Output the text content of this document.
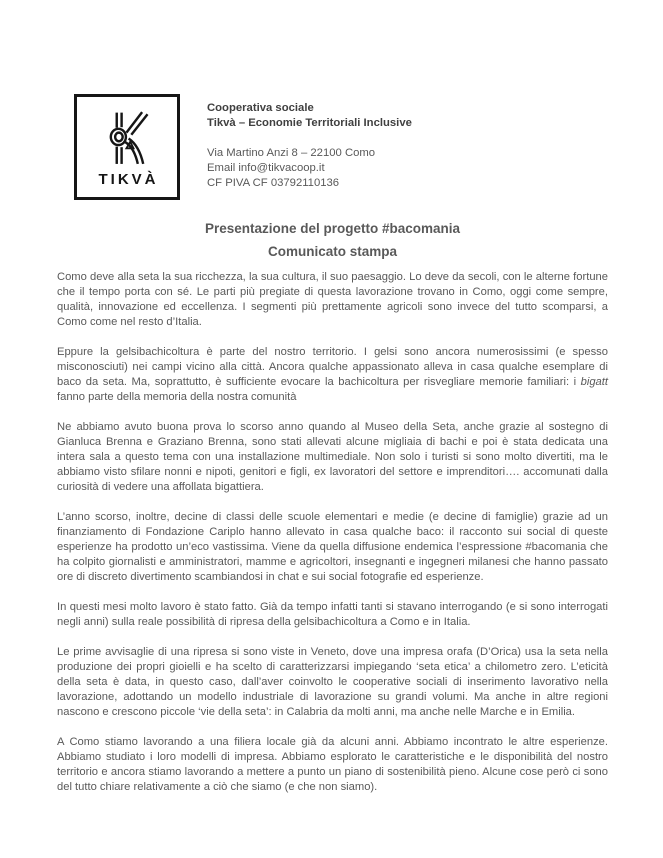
TIKVÀ
Cooperativa sociale
Tikvà – Economie Territoriali Inclusive
Via Martino Anzi 8 – 22100 Como
Email info@tikvacoop.it
CF PIVA CF 03792110136
Presentazione del progetto #bacomania
Comunicato stampa

Como deve alla seta la sua ricchezza, la sua cultura, il suo paesaggio. Lo deve da secoli, con le alterne fortune che il tempo porta con sé. Le parti più pregiate di questa lavorazione trovano in Como, oggi come sempre, qualità, innovazione ed eccellenza. I segmenti più prettamente agricoli sono invece del tutto scomparsi, a Como come nel resto d’Italia.

Eppure la gelsibachicoltura è parte del nostro territorio. I gelsi sono ancora numerosissimi (e spesso misconosciuti) nei campi vicino alla città. Ancora qualche appassionato alleva in casa qualche esemplare di baco da seta. Ma, soprattutto, è sufficiente evocare la bachicoltura per risvegliare memorie familiari: i bigatt fanno parte della memoria della nostra comunità

Ne abbiamo avuto buona prova lo scorso anno quando al Museo della Seta, anche grazie al sostegno di Gianluca Brenna e Graziano Brenna, sono stati allevati alcune migliaia di bachi e poi è stata dedicata una intera sala a questo tema con una installazione multimediale. Non solo i turisti si sono molto divertiti, ma le abbiamo visto sfilare nonni e nipoti, genitori e figli, ex lavoratori del settore e imprenditori…. accomunati dalla curiosità di vedere una affollata bigattiera.

L’anno scorso, inoltre, decine di classi delle scuole elementari e medie (e decine di famiglie) grazie ad un finanziamento di Fondazione Cariplo hanno allevato in casa qualche baco: il racconto sui social di queste esperienze ha prodotto un’eco vastissima. Viene da quella diffusione endemica l’espressione #bacomania che ha colpito giornalisti e amministratori, mamme e agricoltori, insegnanti e ingegneri milanesi che hanno passato ore di discreto divertimento scambiandosi in chat e sui social fotografie ed esperienze.

In questi mesi molto lavoro è stato fatto. Già da tempo infatti tanti si stavano interrogando (e si sono interrogati negli anni) sulla reale possibilità di ripresa della gelsibachicoltura a Como e in Italia.

Le prime avvisaglie di una ripresa si sono viste in Veneto, dove una impresa orafa (D’Orica) usa la seta nella produzione dei propri gioielli e ha scelto di caratterizzarsi impiegando ‘seta etica’ a chilometro zero. L’eticità della seta è data, in questo caso, dall’aver coinvolto le cooperative sociali di inserimento lavorativo nella lavorazione, adottando un modello industriale di lavorazione su grandi volumi. Ma anche in altre regioni nascono e crescono piccole ‘vie della seta’: in Calabria da molti anni, ma anche nelle Marche e in Emilia.

A Como stiamo lavorando a una filiera locale già da alcuni anni. Abbiamo incontrato le altre esperienze. Abbiamo studiato i loro modelli di impresa. Abbiamo esplorato le caratteristiche e le disponibilità del nostro territorio e ancora stiamo lavorando a mettere a punto un piano di sostenibilità pieno. Alcune cose però ci sono del tutto chiare relativamente a ciò che siamo (e che non siamo).
